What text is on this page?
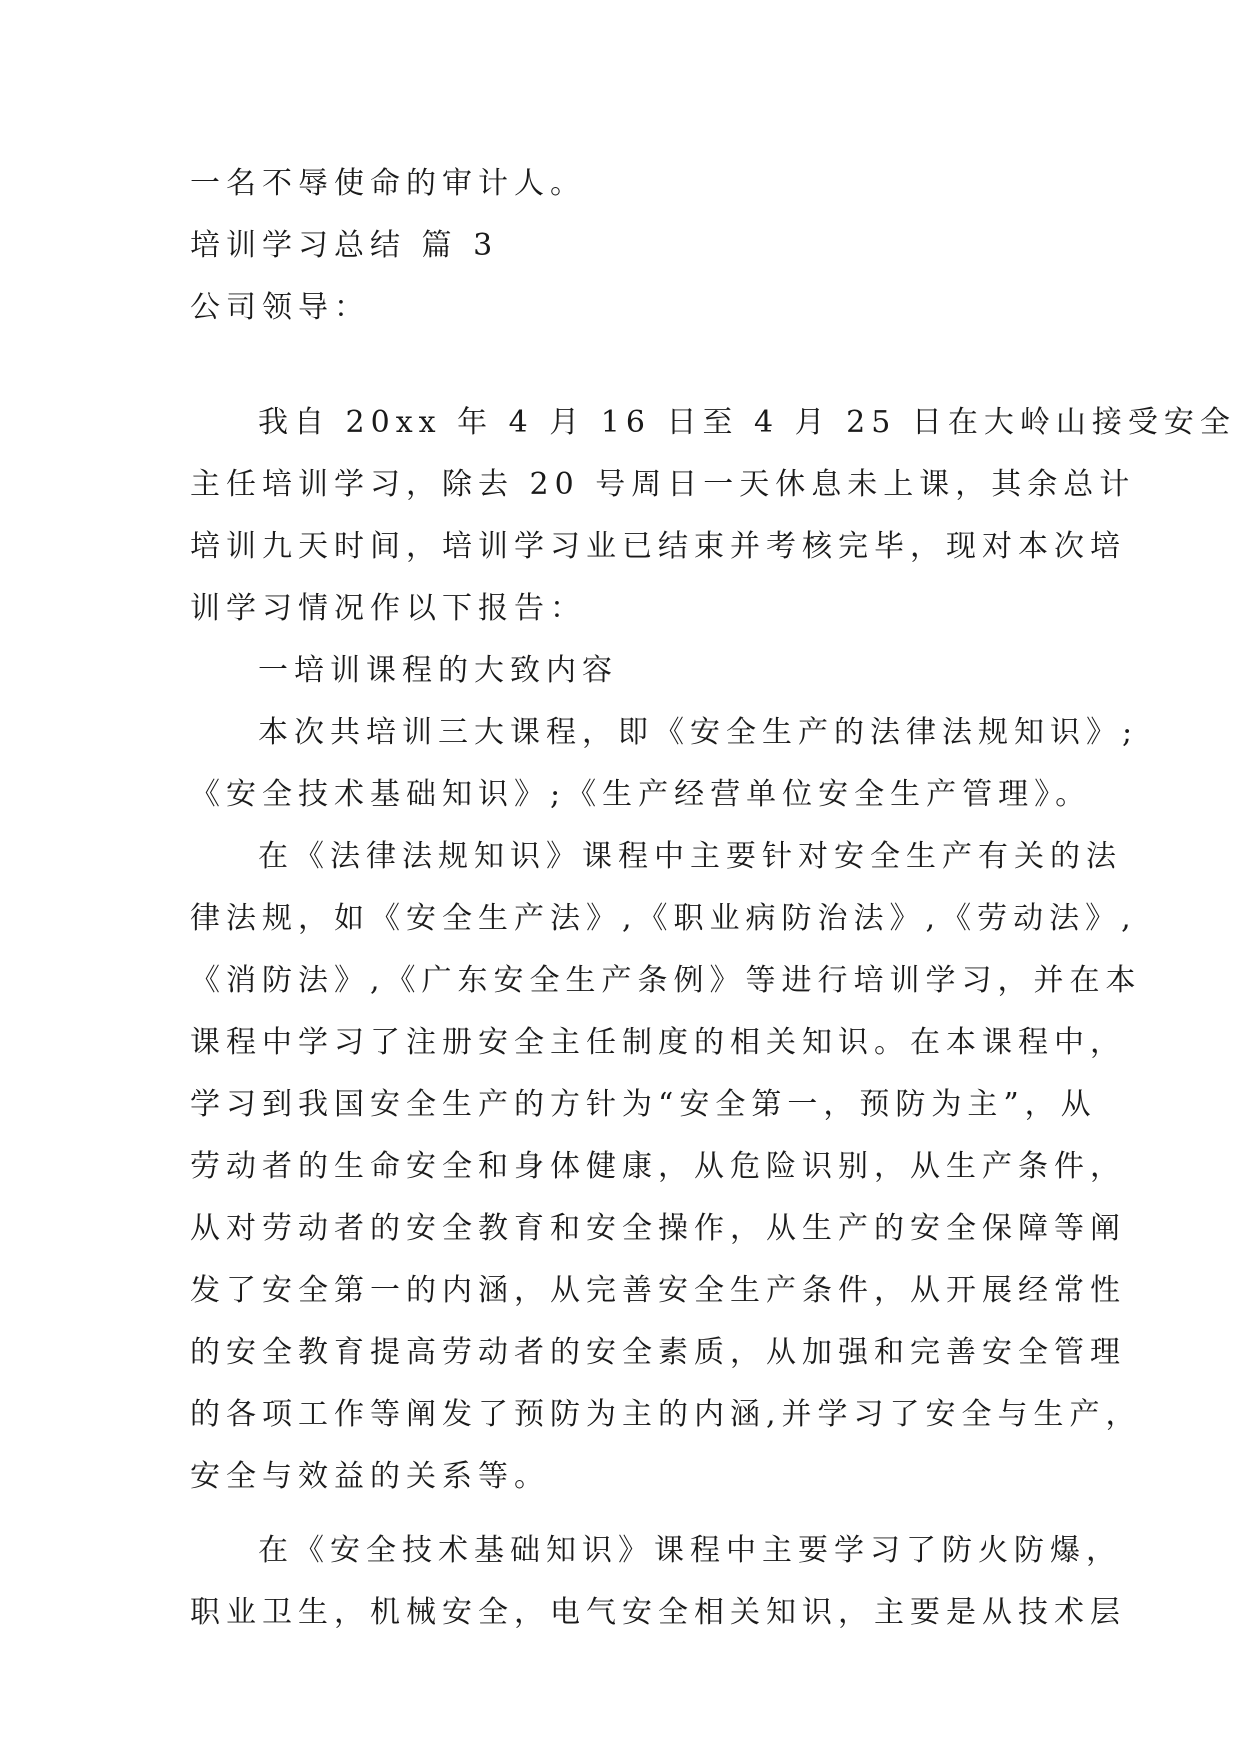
一名不辱使命的审计人。
培训学习总结 篇 3
公司领导：
我自 20xx 年 4 月 16 日至 4 月 25 日在大岭山接受安全
主任培训学习，除去 20 号周日一天休息未上课，其余总计
培训九天时间，培训学习业已结束并考核完毕，现对本次培
训学习情况作以下报告：
一培训课程的大致内容
本次共培训三大课程，即《安全生产的法律法规知识》;
《安全技术基础知识》;《生产经营单位安全生产管理》。
在《法律法规知识》课程中主要针对安全生产有关的法
律法规，如《安全生产法》,《职业病防治法》,《劳动法》,
《消防法》,《广东安全生产条例》等进行培训学习，并在本
课程中学习了注册安全主任制度的相关知识。在本课程中，
学习到我国安全生产的方针为“安全第一，预防为主”，从
劳动者的生命安全和身体健康，从危险识别，从生产条件，
从对劳动者的安全教育和安全操作，从生产的安全保障等阐
发了安全第一的内涵，从完善安全生产条件，从开展经常性
的安全教育提高劳动者的安全素质，从加强和完善安全管理
的各项工作等阐发了预防为主的内涵,并学习了安全与生产，
安全与效益的关系等。
在《安全技术基础知识》课程中主要学习了防火防爆，
职业卫生，机械安全，电气安全相关知识，主要是从技术层
